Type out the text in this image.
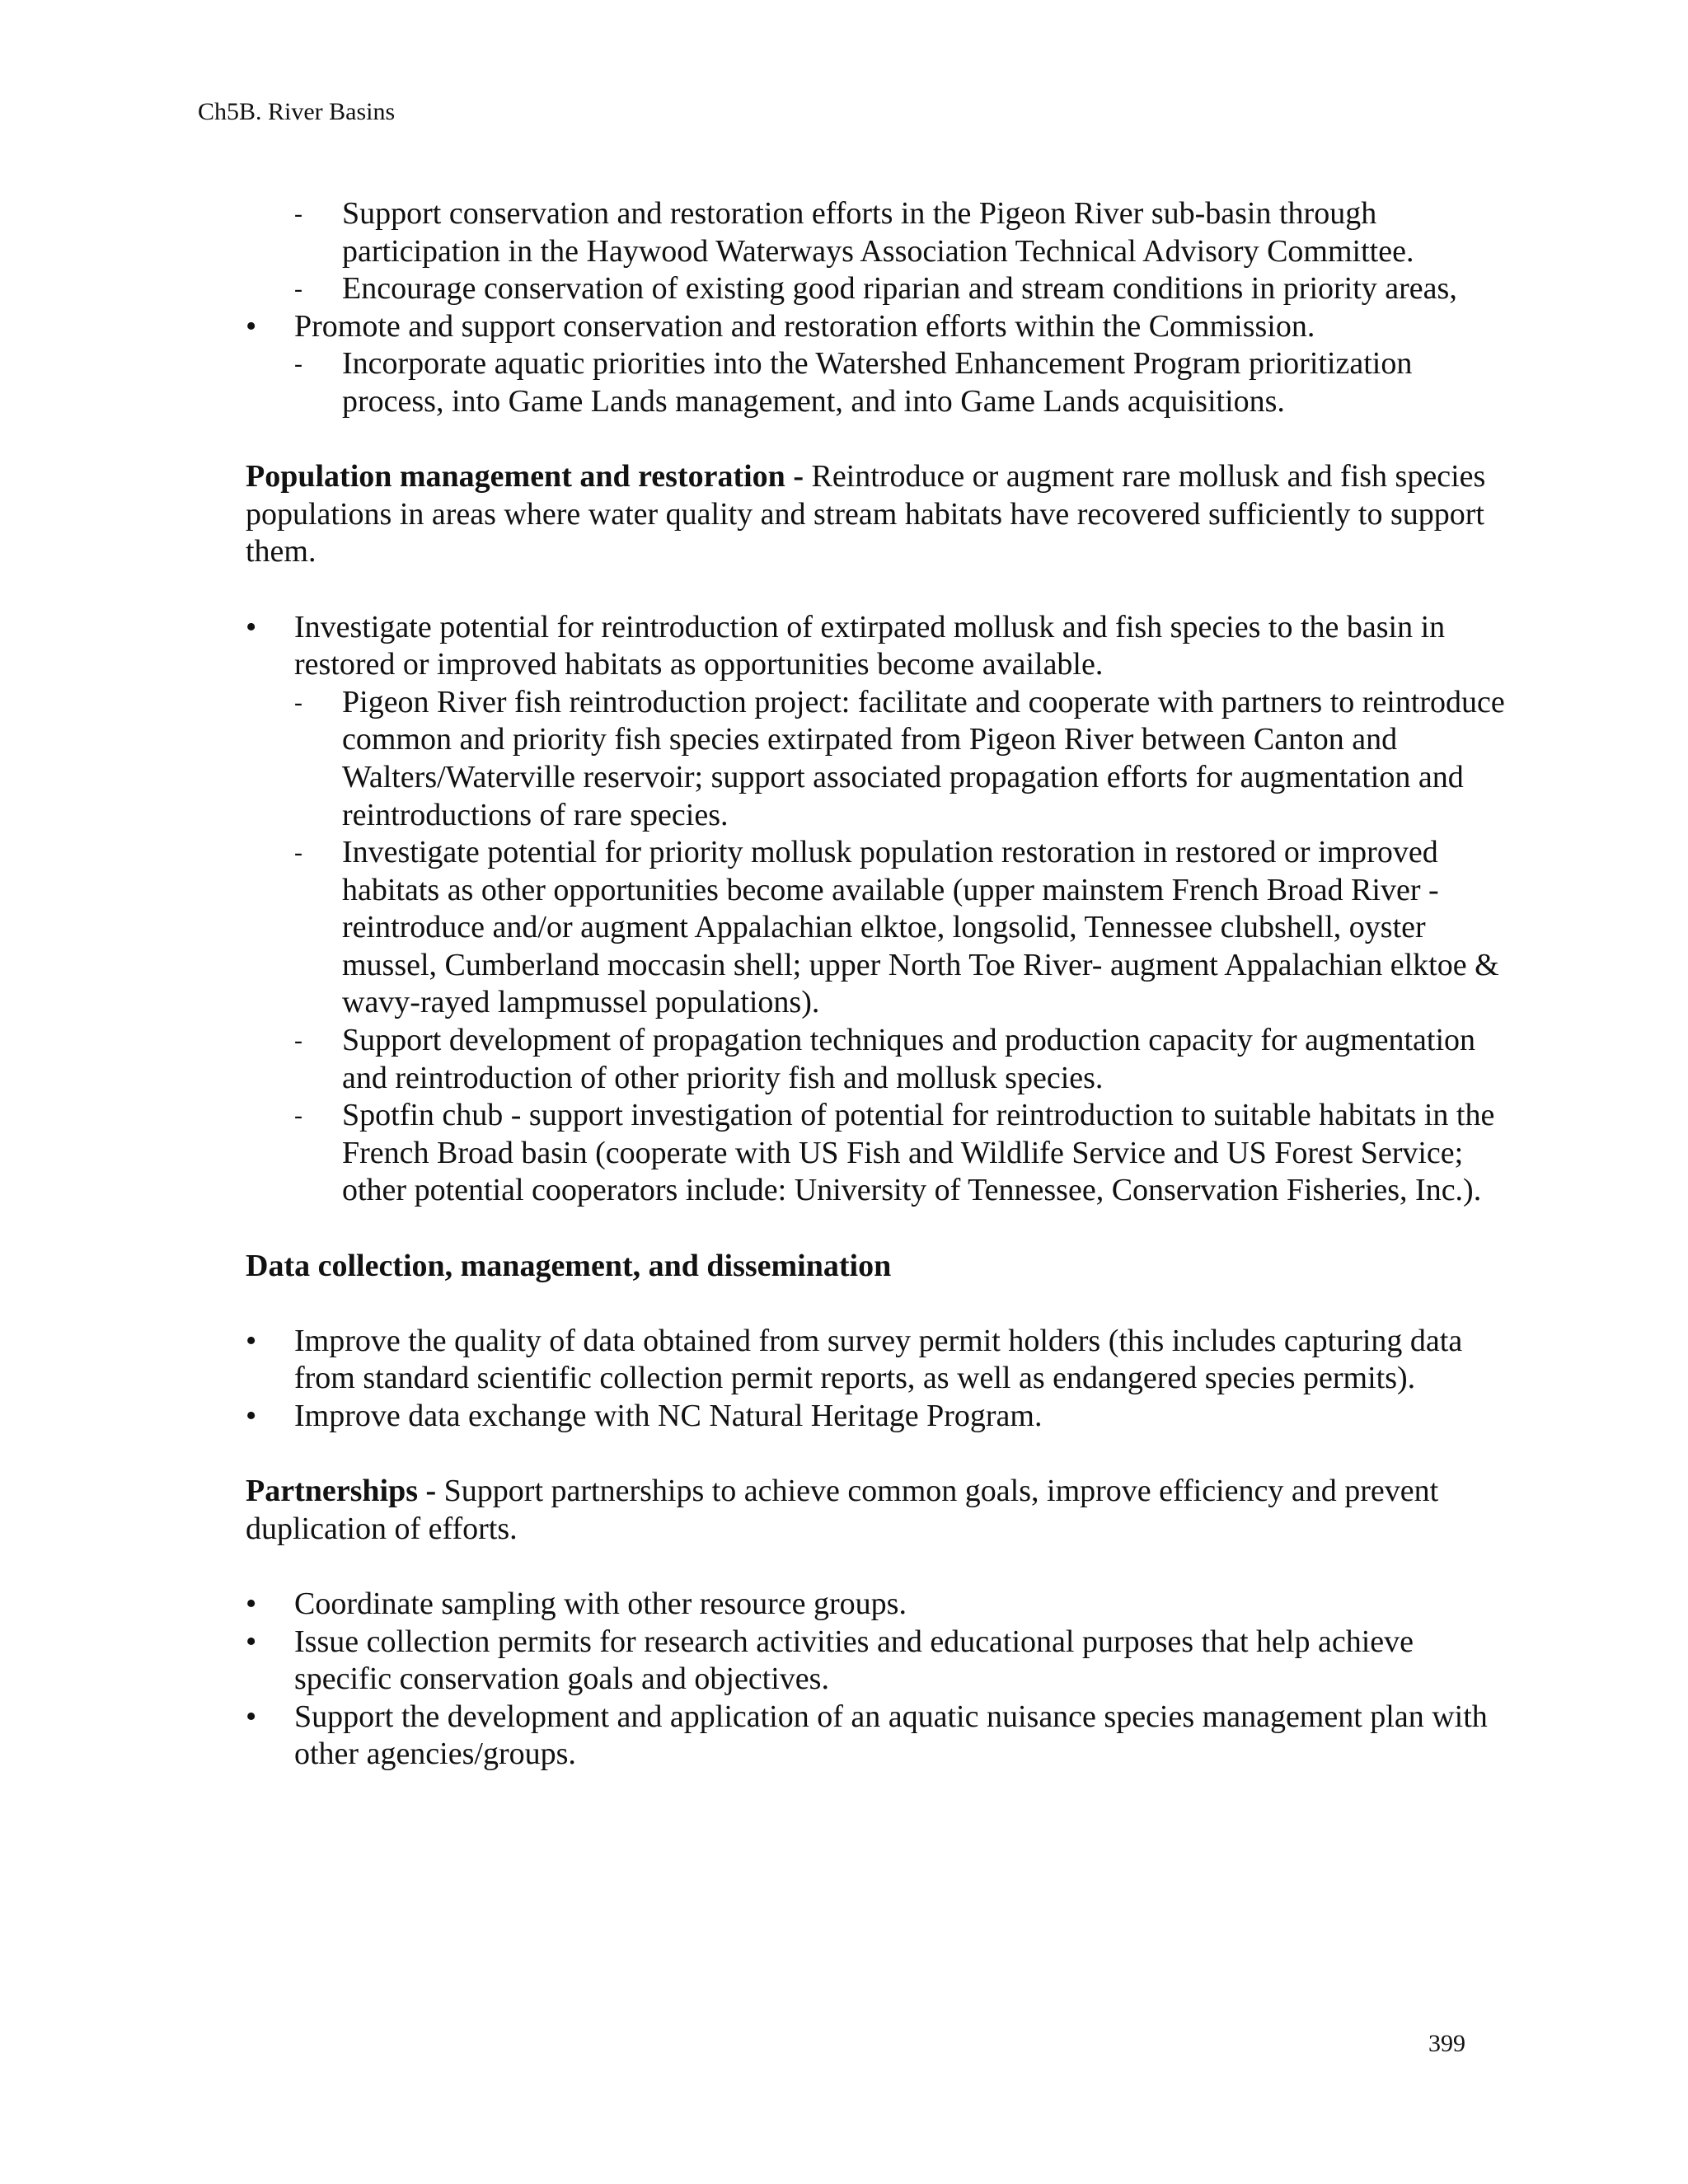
Ch5B. River Basins
- Support conservation and restoration efforts in the Pigeon River sub-basin through participation in the Haywood Waterways Association Technical Advisory Committee.
- Encourage conservation of existing good riparian and stream conditions in priority areas,
• Promote and support conservation and restoration efforts within the Commission.
- Incorporate aquatic priorities into the Watershed Enhancement Program prioritization process, into Game Lands management, and into Game Lands acquisitions.
Population management and restoration - Reintroduce or augment rare mollusk and fish species populations in areas where water quality and stream habitats have recovered sufficiently to support them.
• Investigate potential for reintroduction of extirpated mollusk and fish species to the basin in restored or improved habitats as opportunities become available.
- Pigeon River fish reintroduction project: facilitate and cooperate with partners to reintroduce common and priority fish species extirpated from Pigeon River between Canton and Walters/Waterville reservoir; support associated propagation efforts for augmentation and reintroductions of rare species.
- Investigate potential for priority mollusk population restoration in restored or improved habitats as other opportunities become available (upper mainstem French Broad River - reintroduce and/or augment Appalachian elktoe, longsolid, Tennessee clubshell, oyster mussel, Cumberland moccasin shell; upper North Toe River- augment Appalachian elktoe & wavy-rayed lampmussel populations).
- Support development of propagation techniques and production capacity for augmentation and reintroduction of other priority fish and mollusk species.
- Spotfin chub - support investigation of potential for reintroduction to suitable habitats in the French Broad basin (cooperate with US Fish and Wildlife Service and US Forest Service; other potential cooperators include: University of Tennessee, Conservation Fisheries, Inc.).
Data collection, management, and dissemination
• Improve the quality of data obtained from survey permit holders (this includes capturing data from standard scientific collection permit reports, as well as endangered species permits).
• Improve data exchange with NC Natural Heritage Program.
Partnerships - Support partnerships to achieve common goals, improve efficiency and prevent duplication of efforts.
• Coordinate sampling with other resource groups.
• Issue collection permits for research activities and educational purposes that help achieve specific conservation goals and objectives.
• Support the development and application of an aquatic nuisance species management plan with other agencies/groups.
399
